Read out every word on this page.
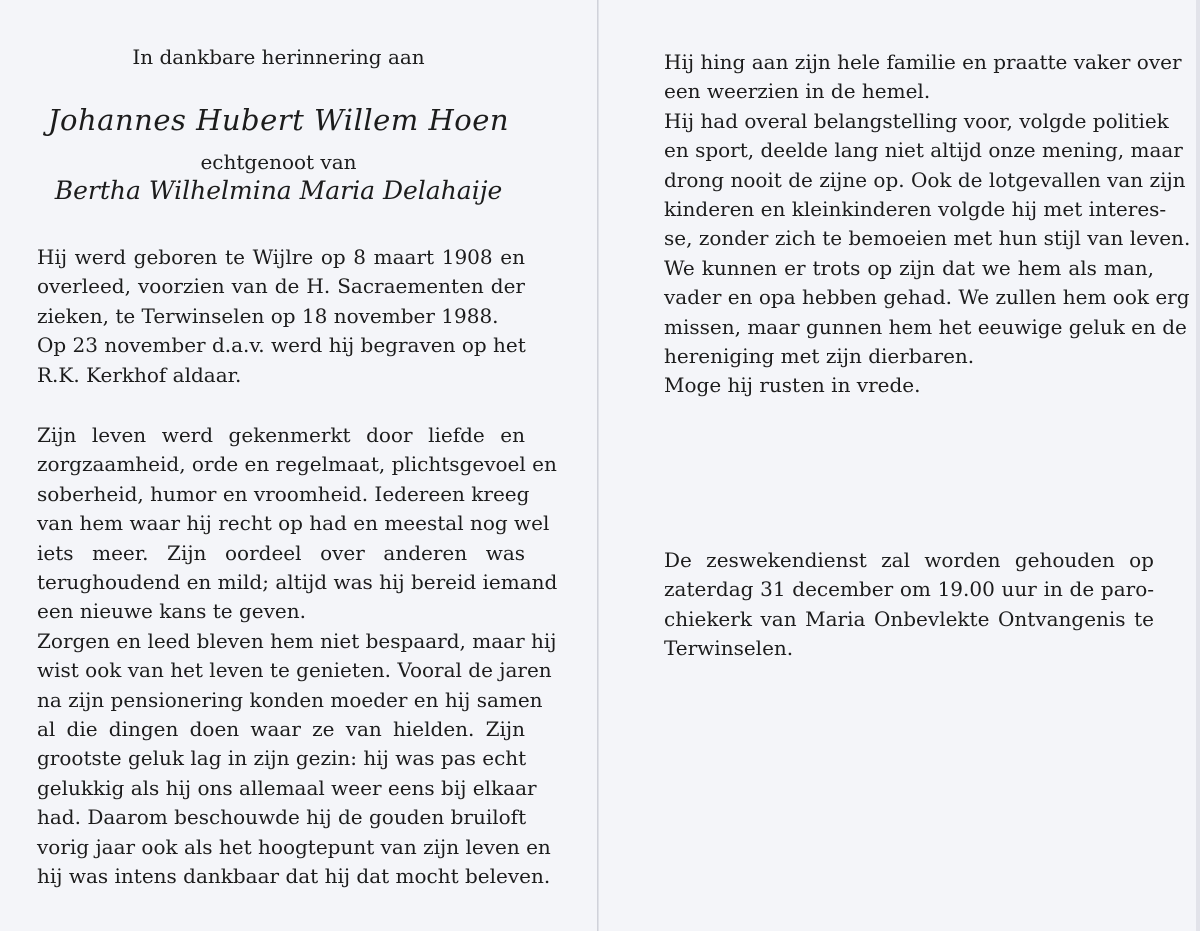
In dankbare herinnering aan
Johannes Hubert Willem Hoen
echtgenoot van
Bertha Wilhelmina Maria Delahaije

Hij werd geboren te Wijlre op 8 maart 1908 en
overleed, voorzien van de H. Sacraementen der
zieken, te Terwinselen op 18 november 1988.
Op 23 november d.a.v. werd hij begraven op het
R.K. Kerkhof aldaar.

Zijn leven werd gekenmerkt door liefde en
zorgzaamheid, orde en regelmaat, plichtsgevoel en
soberheid, humor en vroomheid. Iedereen kreeg
van hem waar hij recht op had en meestal nog wel
iets meer. Zijn oordeel over anderen was
terughoudend en mild; altijd was hij bereid iemand
een nieuwe kans te geven.
Zorgen en leed bleven hem niet bespaard, maar hij
wist ook van het leven te genieten. Vooral de jaren
na zijn pensionering konden moeder en hij samen
al die dingen doen waar ze van hielden. Zijn
grootste geluk lag in zijn gezin: hij was pas echt
gelukkig als hij ons allemaal weer eens bij elkaar
had. Daarom beschouwde hij de gouden bruiloft
vorig jaar ook als het hoogtepunt van zijn leven en
hij was intens dankbaar dat hij dat mocht beleven.

Hij hing aan zijn hele familie en praatte vaker over
een weerzien in de hemel.
Hij had overal belangstelling voor, volgde politiek
en sport, deelde lang niet altijd onze mening, maar
drong nooit de zijne op. Ook de lotgevallen van zijn
kinderen en kleinkinderen volgde hij met interes-
se, zonder zich te bemoeien met hun stijl van leven.
We kunnen er trots op zijn dat we hem als man,
vader en opa hebben gehad. We zullen hem ook erg
missen, maar gunnen hem het eeuwige geluk en de
hereniging met zijn dierbaren.
Moge hij rusten in vrede.

De zeswekendienst zal worden gehouden op
zaterdag 31 december om 19.00 uur in de paro-
chiekerk van Maria Onbevlekte Ontvangenis te
Terwinselen.
